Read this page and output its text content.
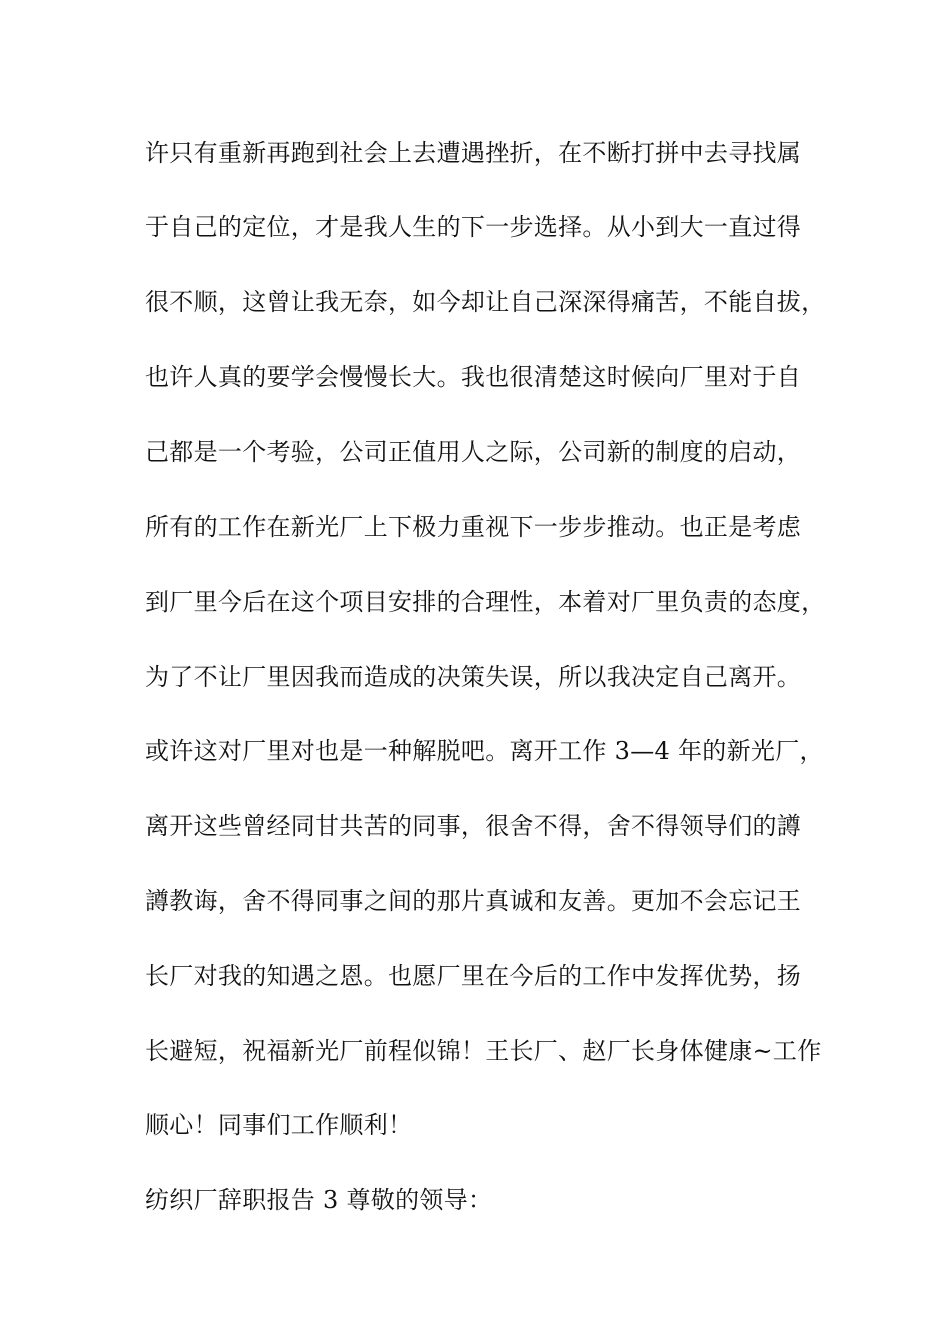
许只有重新再跑到社会上去遭遇挫折，在不断打拼中去寻找属

于自己的定位，才是我人生的下一步选择。从小到大一直过得

很不顺，这曾让我无奈，如今却让自己深深得痛苦，不能自拔，

也许人真的要学会慢慢长大。我也很清楚这时候向厂里对于自

己都是一个考验，公司正值用人之际，公司新的制度的启动，

所有的工作在新光厂上下极力重视下一步步推动。也正是考虑

到厂里今后在这个项目安排的合理性，本着对厂里负责的态度，

为了不让厂里因我而造成的决策失误，所以我决定自己离开。

或许这对厂里对也是一种解脱吧。离开工作 3—4 年的新光厂，

离开这些曾经同甘共苦的同事，很舍不得，舍不得领导们的譐

譐教诲，舍不得同事之间的那片真诚和友善。更加不会忘记王

长厂对我的知遇之恩。也愿厂里在今后的工作中发挥优势，扬

长避短，祝福新光厂前程似锦！王长厂、赵厂长身体健康~工作

顺心！同事们工作顺利！

纺织厂辞职报告 3 尊敬的领导：
